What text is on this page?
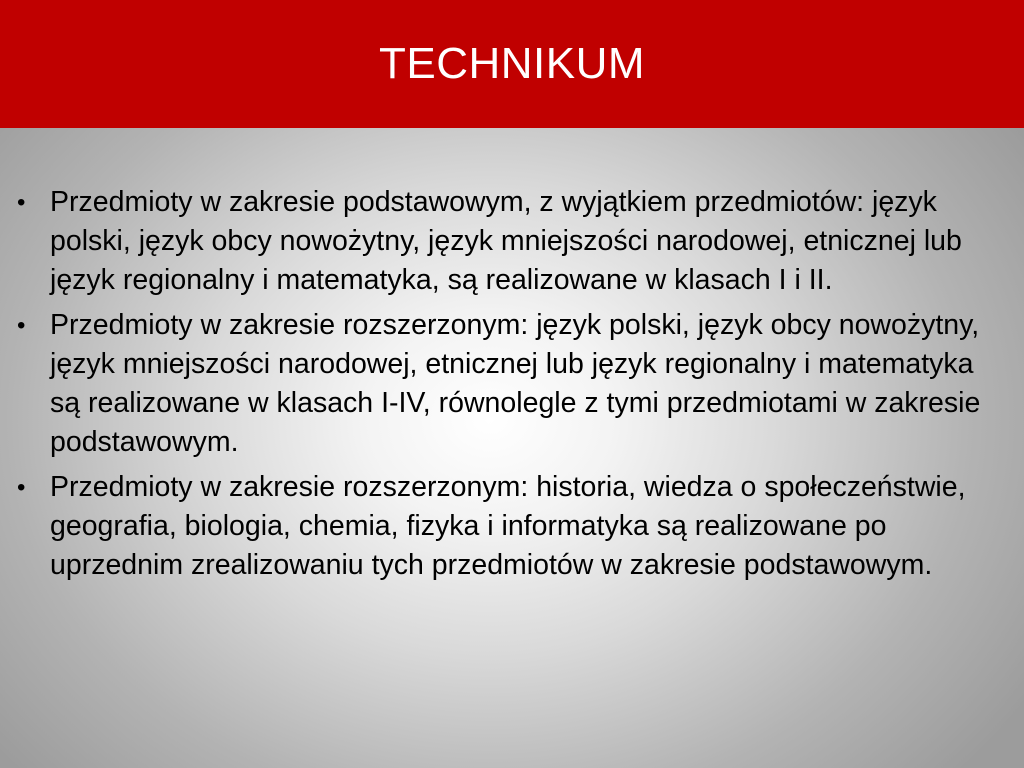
TECHNIKUM
• Przedmioty w zakresie podstawowym, z wyjątkiem przedmiotów: język polski, język obcy nowożytny, język mniejszości narodowej, etnicznej lub język regionalny i matematyka, są realizowane w klasach I i II.
• Przedmioty w zakresie rozszerzonym: język polski, język obcy nowożytny, język mniejszości narodowej, etnicznej lub język regionalny i matematyka są realizowane w klasach I-IV, równolegle z tymi przedmiotami w zakresie podstawowym.
• Przedmioty w zakresie rozszerzonym: historia, wiedza o społeczeństwie, geografia, biologia, chemia, fizyka i informatyka są realizowane po uprzednim zrealizowaniu tych przedmiotów w zakresie podstawowym.
